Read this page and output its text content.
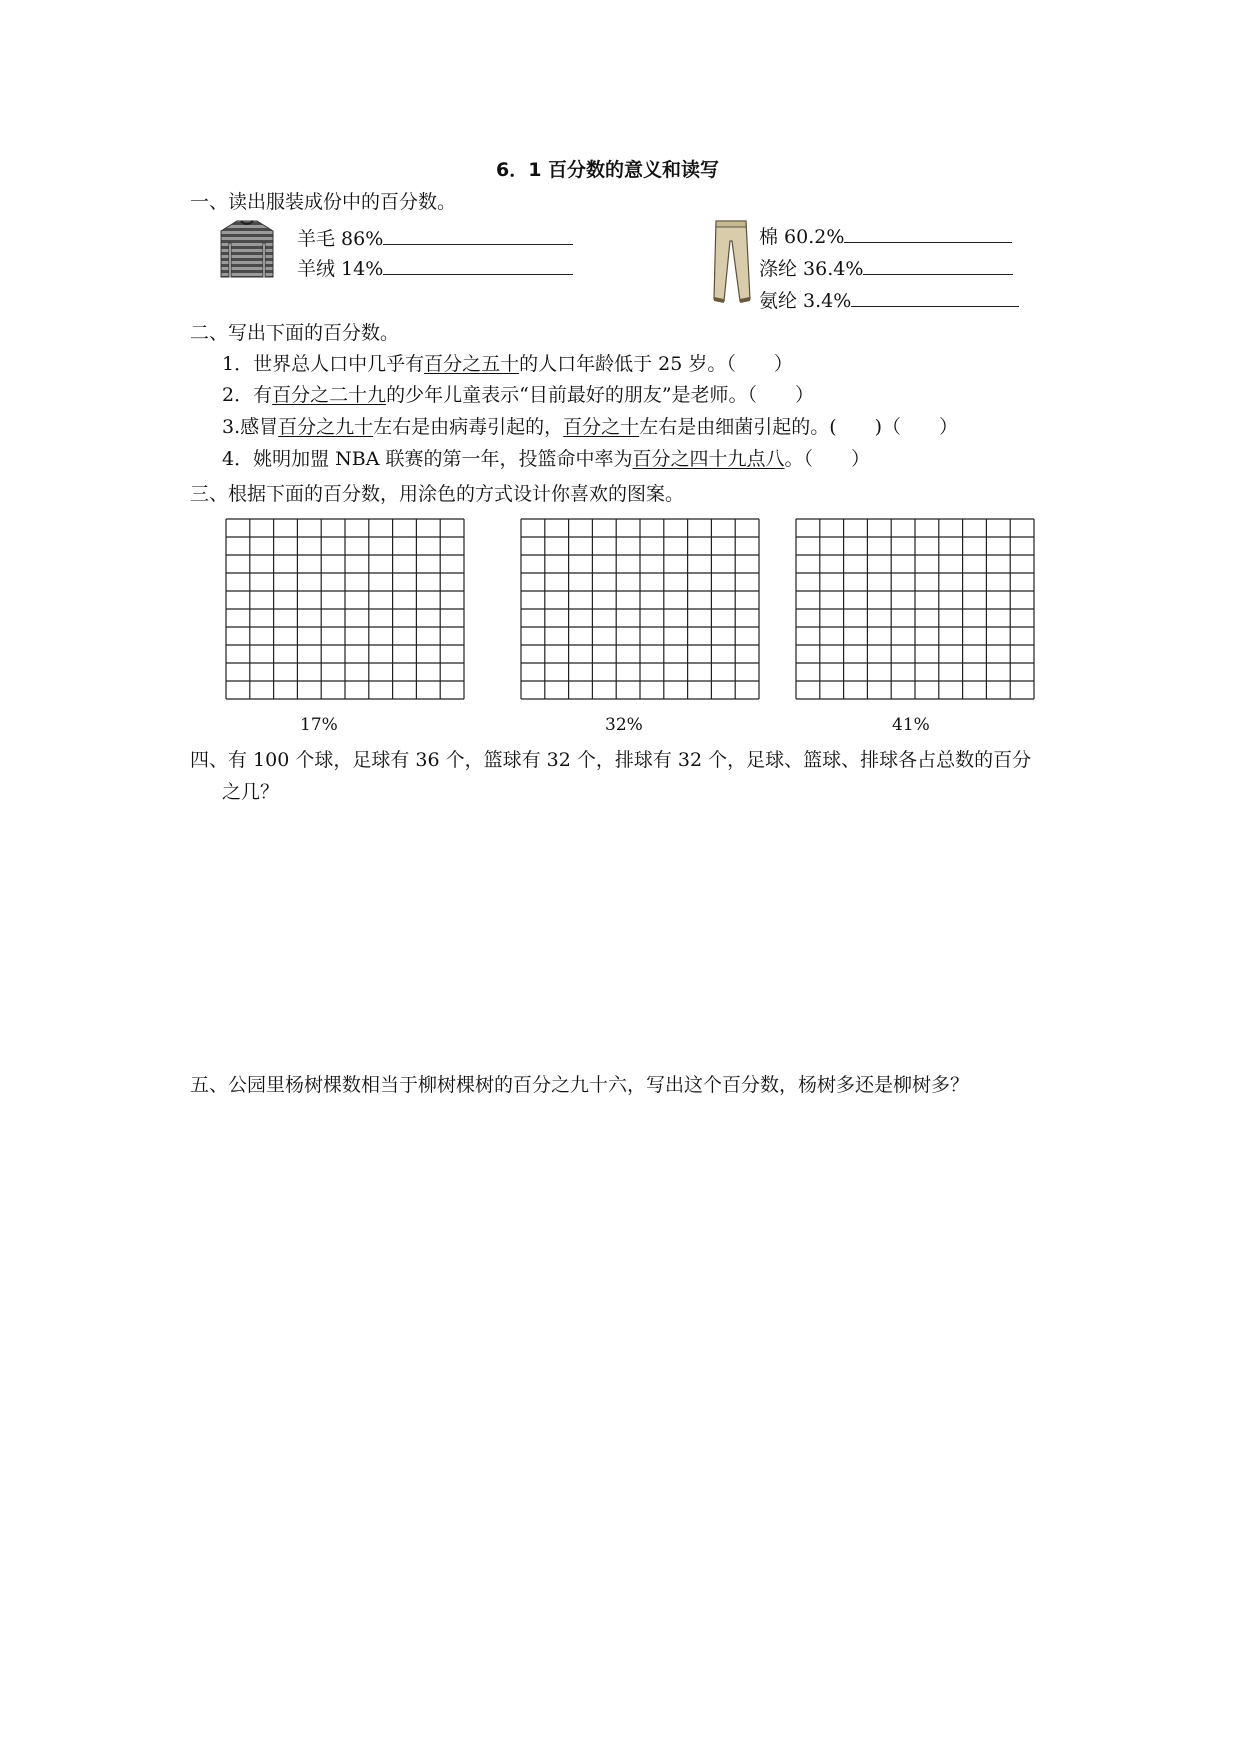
6．1 百分数的意义和读写
一、读出服装成份中的百分数。
羊毛 86%
羊绒 14%
棉 60.2%
涤纶 36.4%
氨纶 3.4%
二、写出下面的百分数。
1．世界总人口中几乎有百分之五十的人口年龄低于 25 岁。（　　）
2．有百分之二十九的少年儿童表示“目前最好的朋友”是老师。（　　）
3.感冒百分之九十左右是由病毒引起的，百分之十左右是由细菌引起的。(　　)（　　）
4．姚明加盟 NBA 联赛的第一年，投篮命中率为百分之四十九点八。（　　）
三、根据下面的百分数，用涂色的方式设计你喜欢的图案。
17%	32%	41%
四、有 100 个球，足球有 36 个，篮球有 32 个，排球有 32 个，足球、篮球、排球各占总数的百分
之几？
五、公园里杨树棵数相当于柳树棵树的百分之九十六，写出这个百分数，杨树多还是柳树多？
